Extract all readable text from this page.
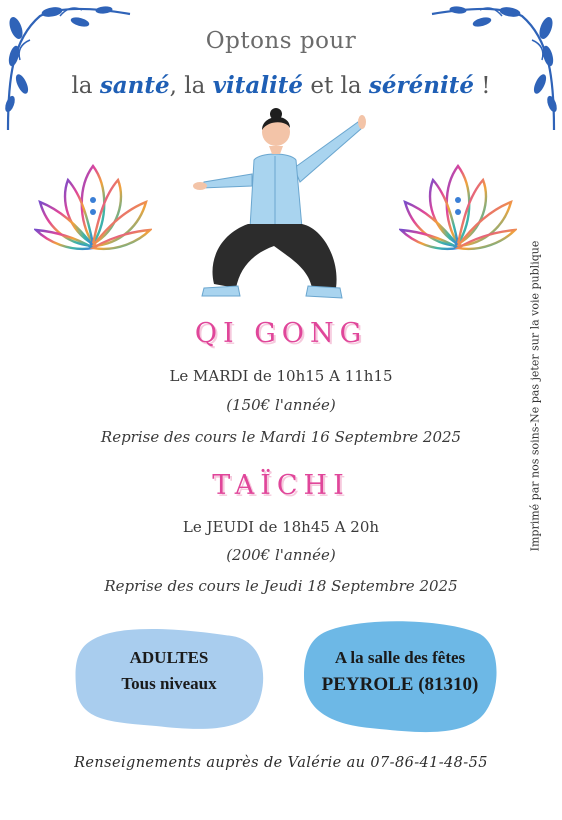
Optons pour
la santé, la vitalité et la sérénité !
QI GONG
Le MARDI de 10h15 A 11h15
(150€ l'année)
Reprise des cours le Mardi 16 Septembre 2025
TAÏCHI
Le JEUDI de 18h45 A 20h
(200€ l'année)
Reprise des cours le Jeudi 18 Septembre 2025
ADULTES
Tous niveaux
A la salle des fêtes
PEYROLE (81310)
Imprimé par nos soins-Ne pas jeter sur la voie publique
Renseignements auprès de Valérie au 07-86-41-48-55
